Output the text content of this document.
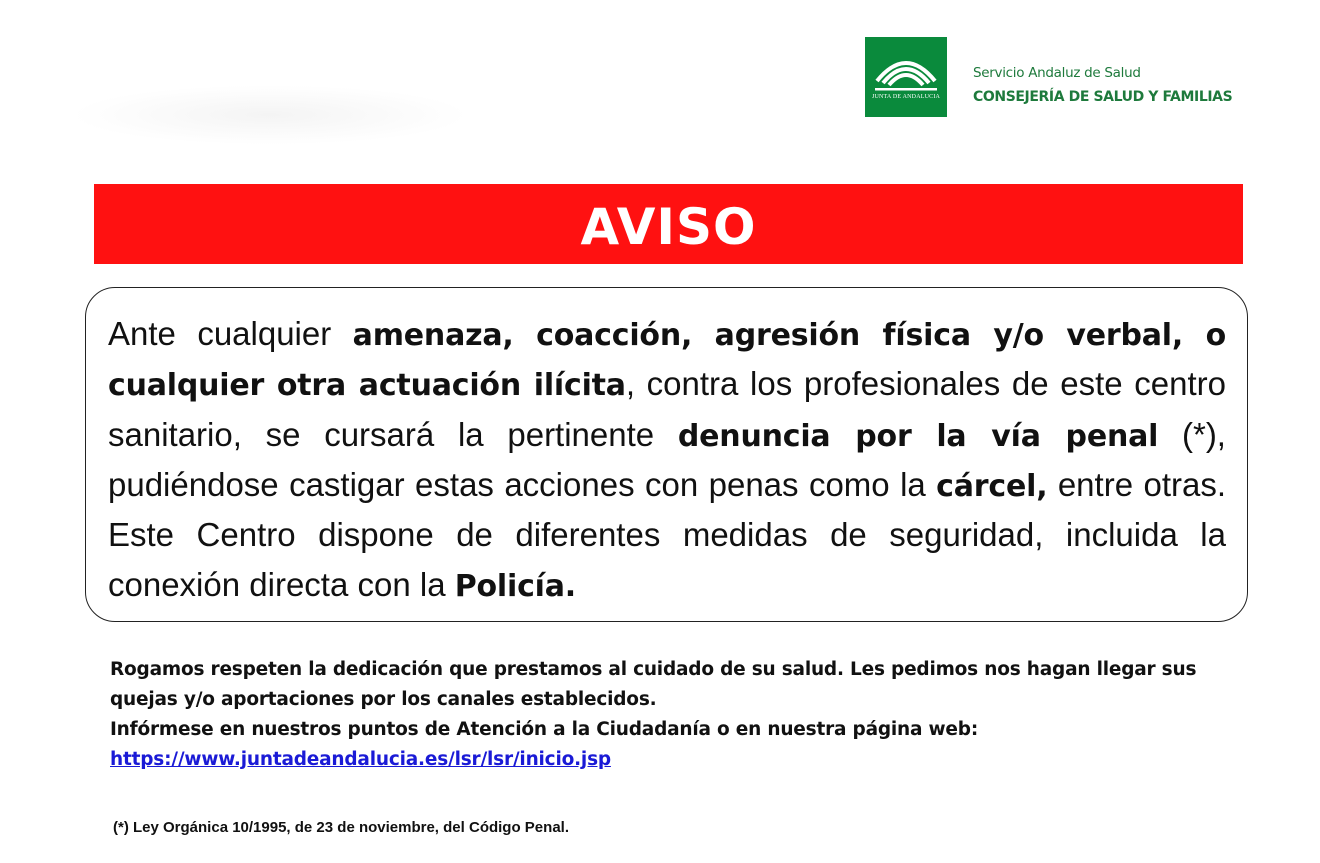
JUNTA DE ANDALUCIA
Servicio Andaluz de Salud
CONSEJERÍA DE SALUD Y FAMILIAS
AVISO
Ante cualquier amenaza, coacción, agresión física y/o verbal, o
cualquier otra actuación ilícita, contra los profesionales de este centro
sanitario, se cursará la pertinente denuncia por la vía penal (*),
pudiéndose castigar estas acciones con penas como la cárcel, entre otras.
Este Centro dispone de diferentes medidas de seguridad, incluida la
conexión directa con la Policía.
Rogamos respeten la dedicación que prestamos al cuidado de su salud. Les pedimos nos hagan llegar sus
quejas y/o aportaciones por los canales establecidos.
Infórmese en nuestros puntos de Atención a la Ciudadanía o en nuestra página web:
https://www.juntadeandalucia.es/lsr/lsr/inicio.jsp
(*) Ley Orgánica 10/1995, de 23 de noviembre, del Código Penal.
